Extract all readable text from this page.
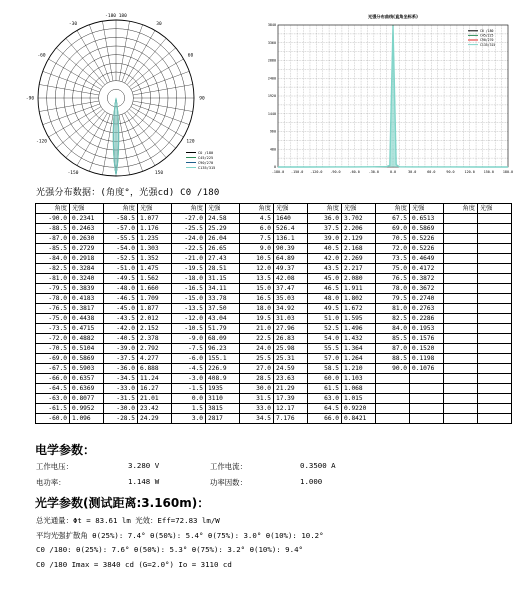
-180 180
-30	30
-60	60
-90	90
-120	120
-150	150
CO /180
C45/225
C90/270
C135/315
光强分布曲线(直角坐标系)
-180.0 -150.0 -120.0 -90.0	-60.0	-30.0	0.0	30.0	60.0	90.0	120.0	150.0	180.0
3840
3360
2880
2400
1920
1440
960
480
0
C0 /180
C45/225
C90/270
C135/315
光强分布数据：(角度°，光强cd) C0 /180
角度	光强	角度	光强	角度	光强	角度	光强	角度	光强	角度	光强	角度	光强
-90.0	0.2341	-58.5	1.077	-27.0	24.58	4.5	1640	36.0	3.702	67.5	0.6513		
-88.5	0.2463	-57.0	1.176	-25.5	25.29	6.0	526.4	37.5	2.206	69.0	0.5869		
-87.0	0.2630	-55.5	1.235	-24.0	26.04	7.5	136.1	39.0	2.129	70.5	0.5226		
-85.5	0.2729	-54.0	1.303	-22.5	26.65	9.0	90.39	40.5	2.168	72.0	0.5226		
-84.0	0.2918	-52.5	1.352	-21.0	27.43	10.5	64.89	42.0	2.269	73.5	0.4649		
-82.5	0.3284	-51.0	1.475	-19.5	28.51	12.0	49.37	43.5	2.217	75.0	0.4172		
-81.0	0.3240	-49.5	1.562	-18.0	31.15	13.5	42.08	45.0	2.080	76.5	0.3872		
-79.5	0.3839	-48.0	1.660	-16.5	34.11	15.0	37.47	46.5	1.911	78.0	0.3672		
-78.0	0.4183	-46.5	1.709	-15.0	33.78	16.5	35.03	48.0	1.802	79.5	0.2740		
-76.5	0.3817	-45.0	1.877	-13.5	37.50	18.0	34.92	49.5	1.672	81.0	0.2763		
-75.0	0.4438	-43.5	2.012	-12.0	43.04	19.5	31.03	51.0	1.595	82.5	0.2286		
-73.5	0.4715	-42.0	2.152	-10.5	51.79	21.0	27.96	52.5	1.496	84.0	0.1953		
-72.0	0.4882	-40.5	2.378	-9.0	68.09	22.5	26.83	54.0	1.432	85.5	0.1576		
-70.5	0.5104	-39.0	2.792	-7.5	96.23	24.0	25.98	55.5	1.364	87.0	0.1520		
-69.0	0.5869	-37.5	4.277	-6.0	155.1	25.5	25.31	57.0	1.264	88.5	0.1198		
-67.5	0.5903	-36.0	6.888	-4.5	226.9	27.0	24.59	58.5	1.210	90.0	0.1076		
-66.0	0.6357	-34.5	11.24	-3.0	408.9	28.5	23.63	60.0	1.103				
-64.5	0.6369	-33.0	16.27	-1.5	1935	30.0	21.29	61.5	1.068				
-63.0	0.8077	-31.5	21.01	0.0	3110	31.5	17.39	63.0	1.015				
-61.5	0.9952	-30.0	23.42	1.5	3815	33.0	12.17	64.5	0.9220				
-60.0	1.096	-28.5	24.29	3.0	2817	34.5	7.176	66.0	0.8421				
电学参数：
工作电压：	3.280 V	工作电流：	0.3500 A
电功率：	1.148 W	功率因数：	1.000
光学参数(测试距离:3.160m)：
总光通量：Φt = 83.61 lm 光效：Eff=72.83 lm/W
平均光强扩散角 θ(25%): 7.4° θ(50%): 5.4° θ(75%): 3.0° θ(10%): 10.2°
C0 /180: θ(25%): 7.6° θ(50%): 5.3° θ(75%): 3.2° θ(10%): 9.4°
C0 /180 Imax = 3840 cd (G=2.0°) Io = 3110 cd
